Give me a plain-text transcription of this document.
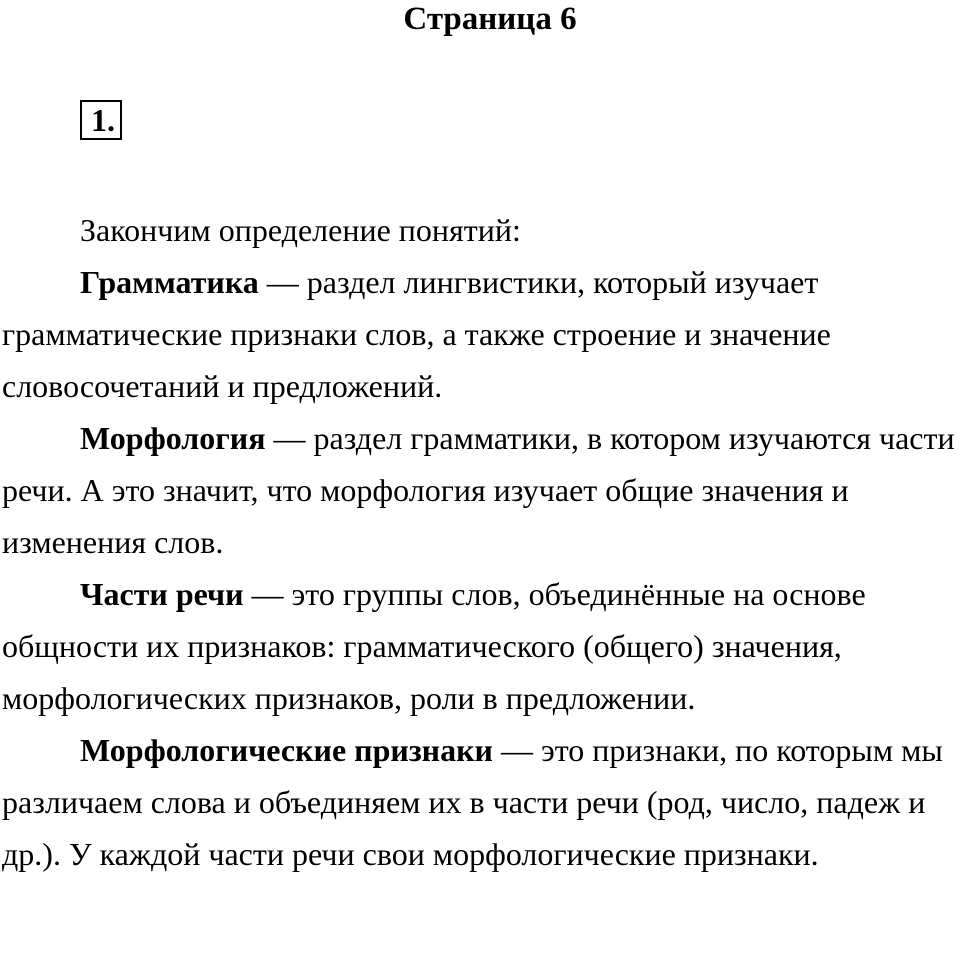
Страница 6
1.

Закончим определение понятий:

Грамматика — раздел лингвистики, который изучает грамматические признаки слов, а также строение и значение словосочетаний и предложений.

Морфология — раздел грамматики, в котором изучаются части речи. А это значит, что морфология изучает общие значения и изменения слов.

Части речи — это группы слов, объединённые на основе общности их признаков: грамматического (общего) значения, морфологических признаков, роли в предложении.

Морфологические признаки — это признаки, по которым мы различаем слова и объединяем их в части речи (род, число, падеж и др.). У каждой части речи свои морфологические признаки.
